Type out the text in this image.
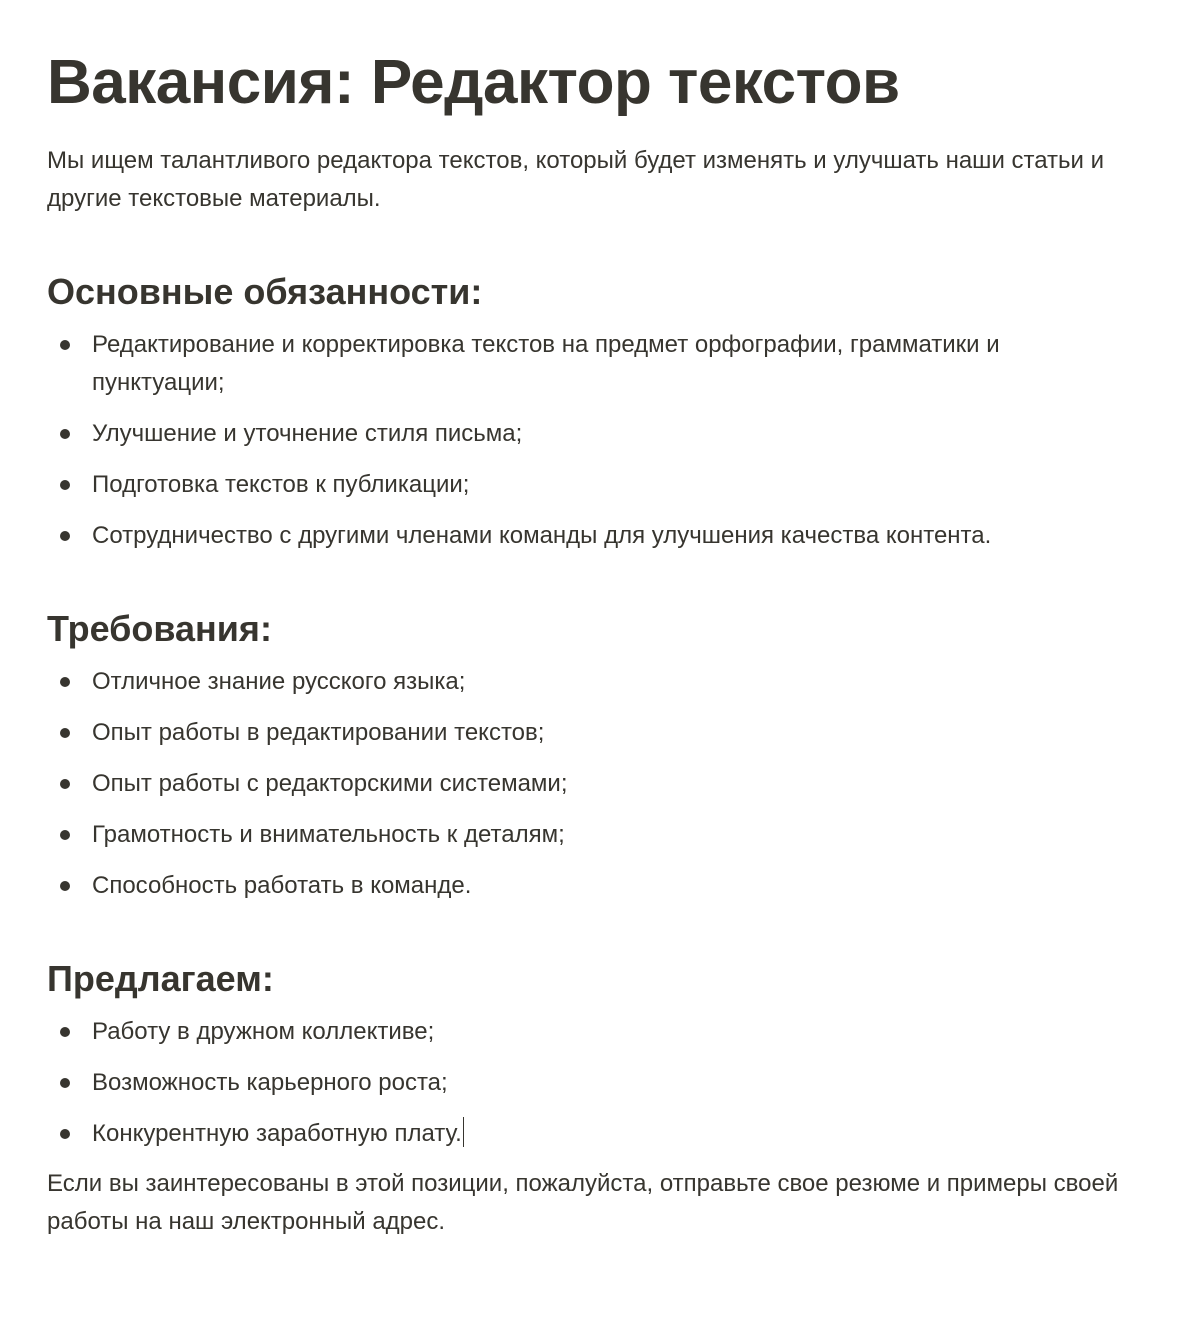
Вакансия: Редактор текстов

Мы ищем талантливого редактора текстов, который будет изменять и улучшать наши статьи и другие текстовые материалы.

Основные обязанности:
Редактирование и корректировка текстов на предмет орфографии, грамматики и пунктуации;
Улучшение и уточнение стиля письма;
Подготовка текстов к публикации;
Сотрудничество с другими членами команды для улучшения качества контента.
Требования:
Отличное знание русского языка;
Опыт работы в редактировании текстов;
Опыт работы с редакторскими системами;
Грамотность и внимательность к деталям;
Способность работать в команде.
Предлагаем:
Работу в дружном коллективе;
Возможность карьерного роста;
Конкурентную заработную плату.

Если вы заинтересованы в этой позиции, пожалуйста, отправьте свое резюме и примеры своей работы на наш электронный адрес.
